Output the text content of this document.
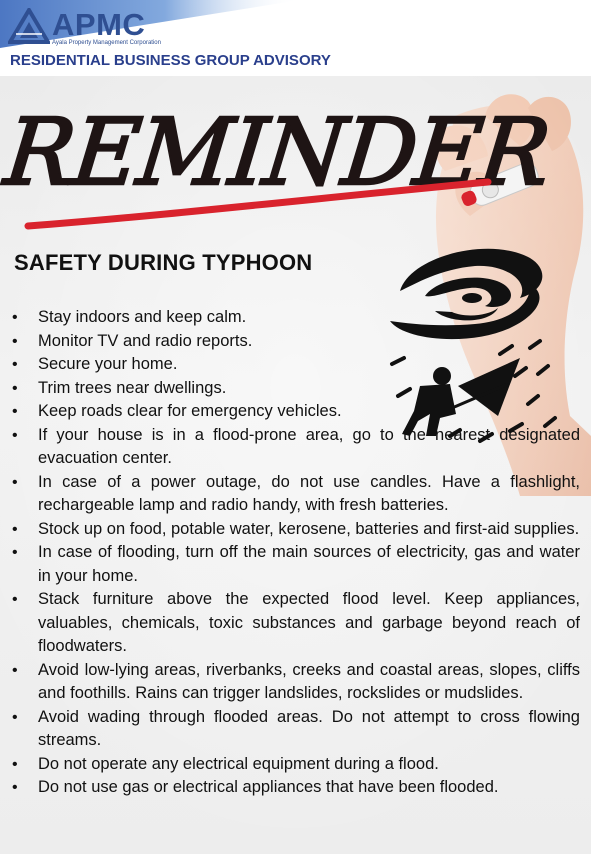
APMC
Ayala Property Management Corporation
RESIDENTIAL BUSINESS GROUP ADVISORY
REMINDER
SAFETY DURING TYPHOON
• Stay indoors and keep calm.
• Monitor TV and radio reports.
• Secure your home.
• Trim trees near dwellings.
• Keep roads clear for emergency vehicles.
• If your house is in a flood-prone area, go to the nearest designated evacuation center.
• In case of a power outage, do not use candles. Have a flashlight, rechargeable lamp and radio handy, with fresh batteries.
• Stock up on food, potable water, kerosene, batteries and first-aid supplies.
• In case of flooding, turn off the main sources of electricity, gas and water in your home.
• Stack furniture above the expected flood level. Keep appliances, valuables, chemicals, toxic substances and garbage beyond reach of floodwaters.
• Avoid low-lying areas, riverbanks, creeks and coastal areas, slopes, cliffs and foothills. Rains can trigger landslides, rockslides or mudslides.
• Avoid wading through flooded areas. Do not attempt to cross flowing streams.
• Do not operate any electrical equipment during a flood.
• Do not use gas or electrical appliances that have been flooded.
